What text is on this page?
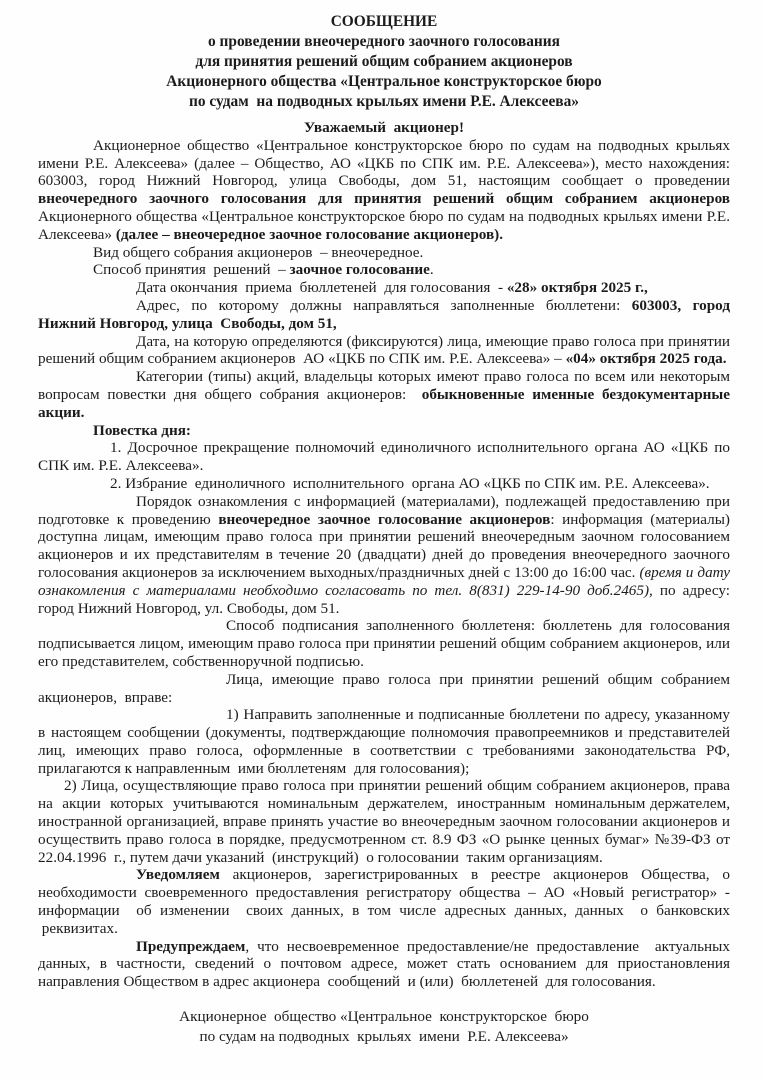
СООБЩЕНИЕ
о проведении внеочередного заочного голосования
для принятия решений общим собранием акционеров
Акционерного общества «Центральное конструкторское бюро
по судам  на подводных крыльях имени Р.Е. Алексеева»
Уважаемый  акционер!

Акционерное общество «Центральное конструкторское бюро по судам на подводных крыльях имени Р.Е. Алексеева» (далее – Общество, АО «ЦКБ по СПК им. Р.Е. Алексеева»), место нахождения: 603003, город Нижний Новгород, улица Свободы, дом 51, настоящим сообщает о проведении внеочередного заочного голосования для принятия решений общим собранием акционеров Акционерного общества «Центральное конструкторское бюро по судам на подводных крыльях имени Р.Е. Алексеева» (далее – внеочередное заочное голосование акционеров).

Вид общего собрания акционеров  – внеочередное.

Способ принятия  решений  – заочное голосование.

Дата окончания  приема  бюллетеней  для голосования  - «28» октября 2025 г.,

Адрес, по которому должны направляться заполненные бюллетени: 603003, город Нижний Новгород, улица  Свободы, дом 51,

Дата, на которую определяются (фиксируются) лица, имеющие право голоса при принятии решений общим собранием акционеров  АО «ЦКБ по СПК им. Р.Е. Алексеева» – «04» октября 2025 года.

Категории (типы) акций, владельцы которых имеют право голоса по всем или некоторым вопросам повестки дня общего собрания акционеров:  обыкновенные именные бездокументарные акции.

Повестка дня:

1. Досрочное прекращение полномочий единоличного исполнительного органа АО «ЦКБ по СПК им. Р.Е. Алексеева».

2. Избрание  единоличного  исполнительного  органа АО «ЦКБ по СПК им. Р.Е. Алексеева».

Порядок ознакомления с информацией (материалами), подлежащей предоставлению при подготовке к проведению внеочередное заочное голосование акционеров: информация (материалы) доступна лицам, имеющим право голоса при принятии решений внеочередным заочном голосованием акционеров и их представителям в течение 20 (двадцати) дней до проведения внеочередного заочного голосования акционеров за исключением выходных/праздничных дней с 13:00 до 16:00 час. (время и дату ознакомления с материалами необходимо согласовать по тел. 8(831) 229-14-90 доб.2465), по адресу: город Нижний Новгород, ул. Свободы, дом 51.

Способ подписания заполненного бюллетеня: бюллетень для голосования подписывается лицом, имеющим право голоса при принятии решений общим собранием акционеров, или его представителем, собственноручной подписью.

Лица, имеющие право голоса при принятии решений общим собранием акционеров,  вправе:

1) Направить заполненные и подписанные бюллетени по адресу, указанному в настоящем сообщении (документы, подтверждающие полномочия правопреемников и представителей лиц, имеющих право голоса, оформленные в соответствии с требованиями законодательства РФ, прилагаются к направленным  ими бюллетеням  для голосования);

2) Лица, осуществляющие право голоса при принятии решений общим собранием акционеров, права на  акции  которых  учитываются  номинальным  держателем,  иностранным  номинальным держателем, иностранной организацией, вправе принять участие во внеочередным заочном голосовании акционеров и осуществить право голоса в порядке, предусмотренном ст. 8.9 ФЗ «О рынке ценных бумаг» №39-ФЗ от 22.04.1996  г., путем дачи указаний  (инструкций)  о голосовании  таким организациям.

Уведомляем акционеров, зарегистрированных в реестре акционеров Общества, о необходимости своевременного предоставления регистратору общества – АО «Новый регистратор» - информации  об изменении  своих данных, в том числе адресных данных, данных  о банковских  реквизитах.

Предупреждаем, что несвоевременное предоставление/не предоставление  актуальных данных, в частности, сведений о почтовом адресе, может стать основанием для приостановления направления Обществом в адрес акционера  сообщений  и (или)  бюллетеней  для голосования.

Акционерное  общество «Центральное  конструкторское  бюро
по судам на подводных  крыльях  имени  Р.Е. Алексеева»
